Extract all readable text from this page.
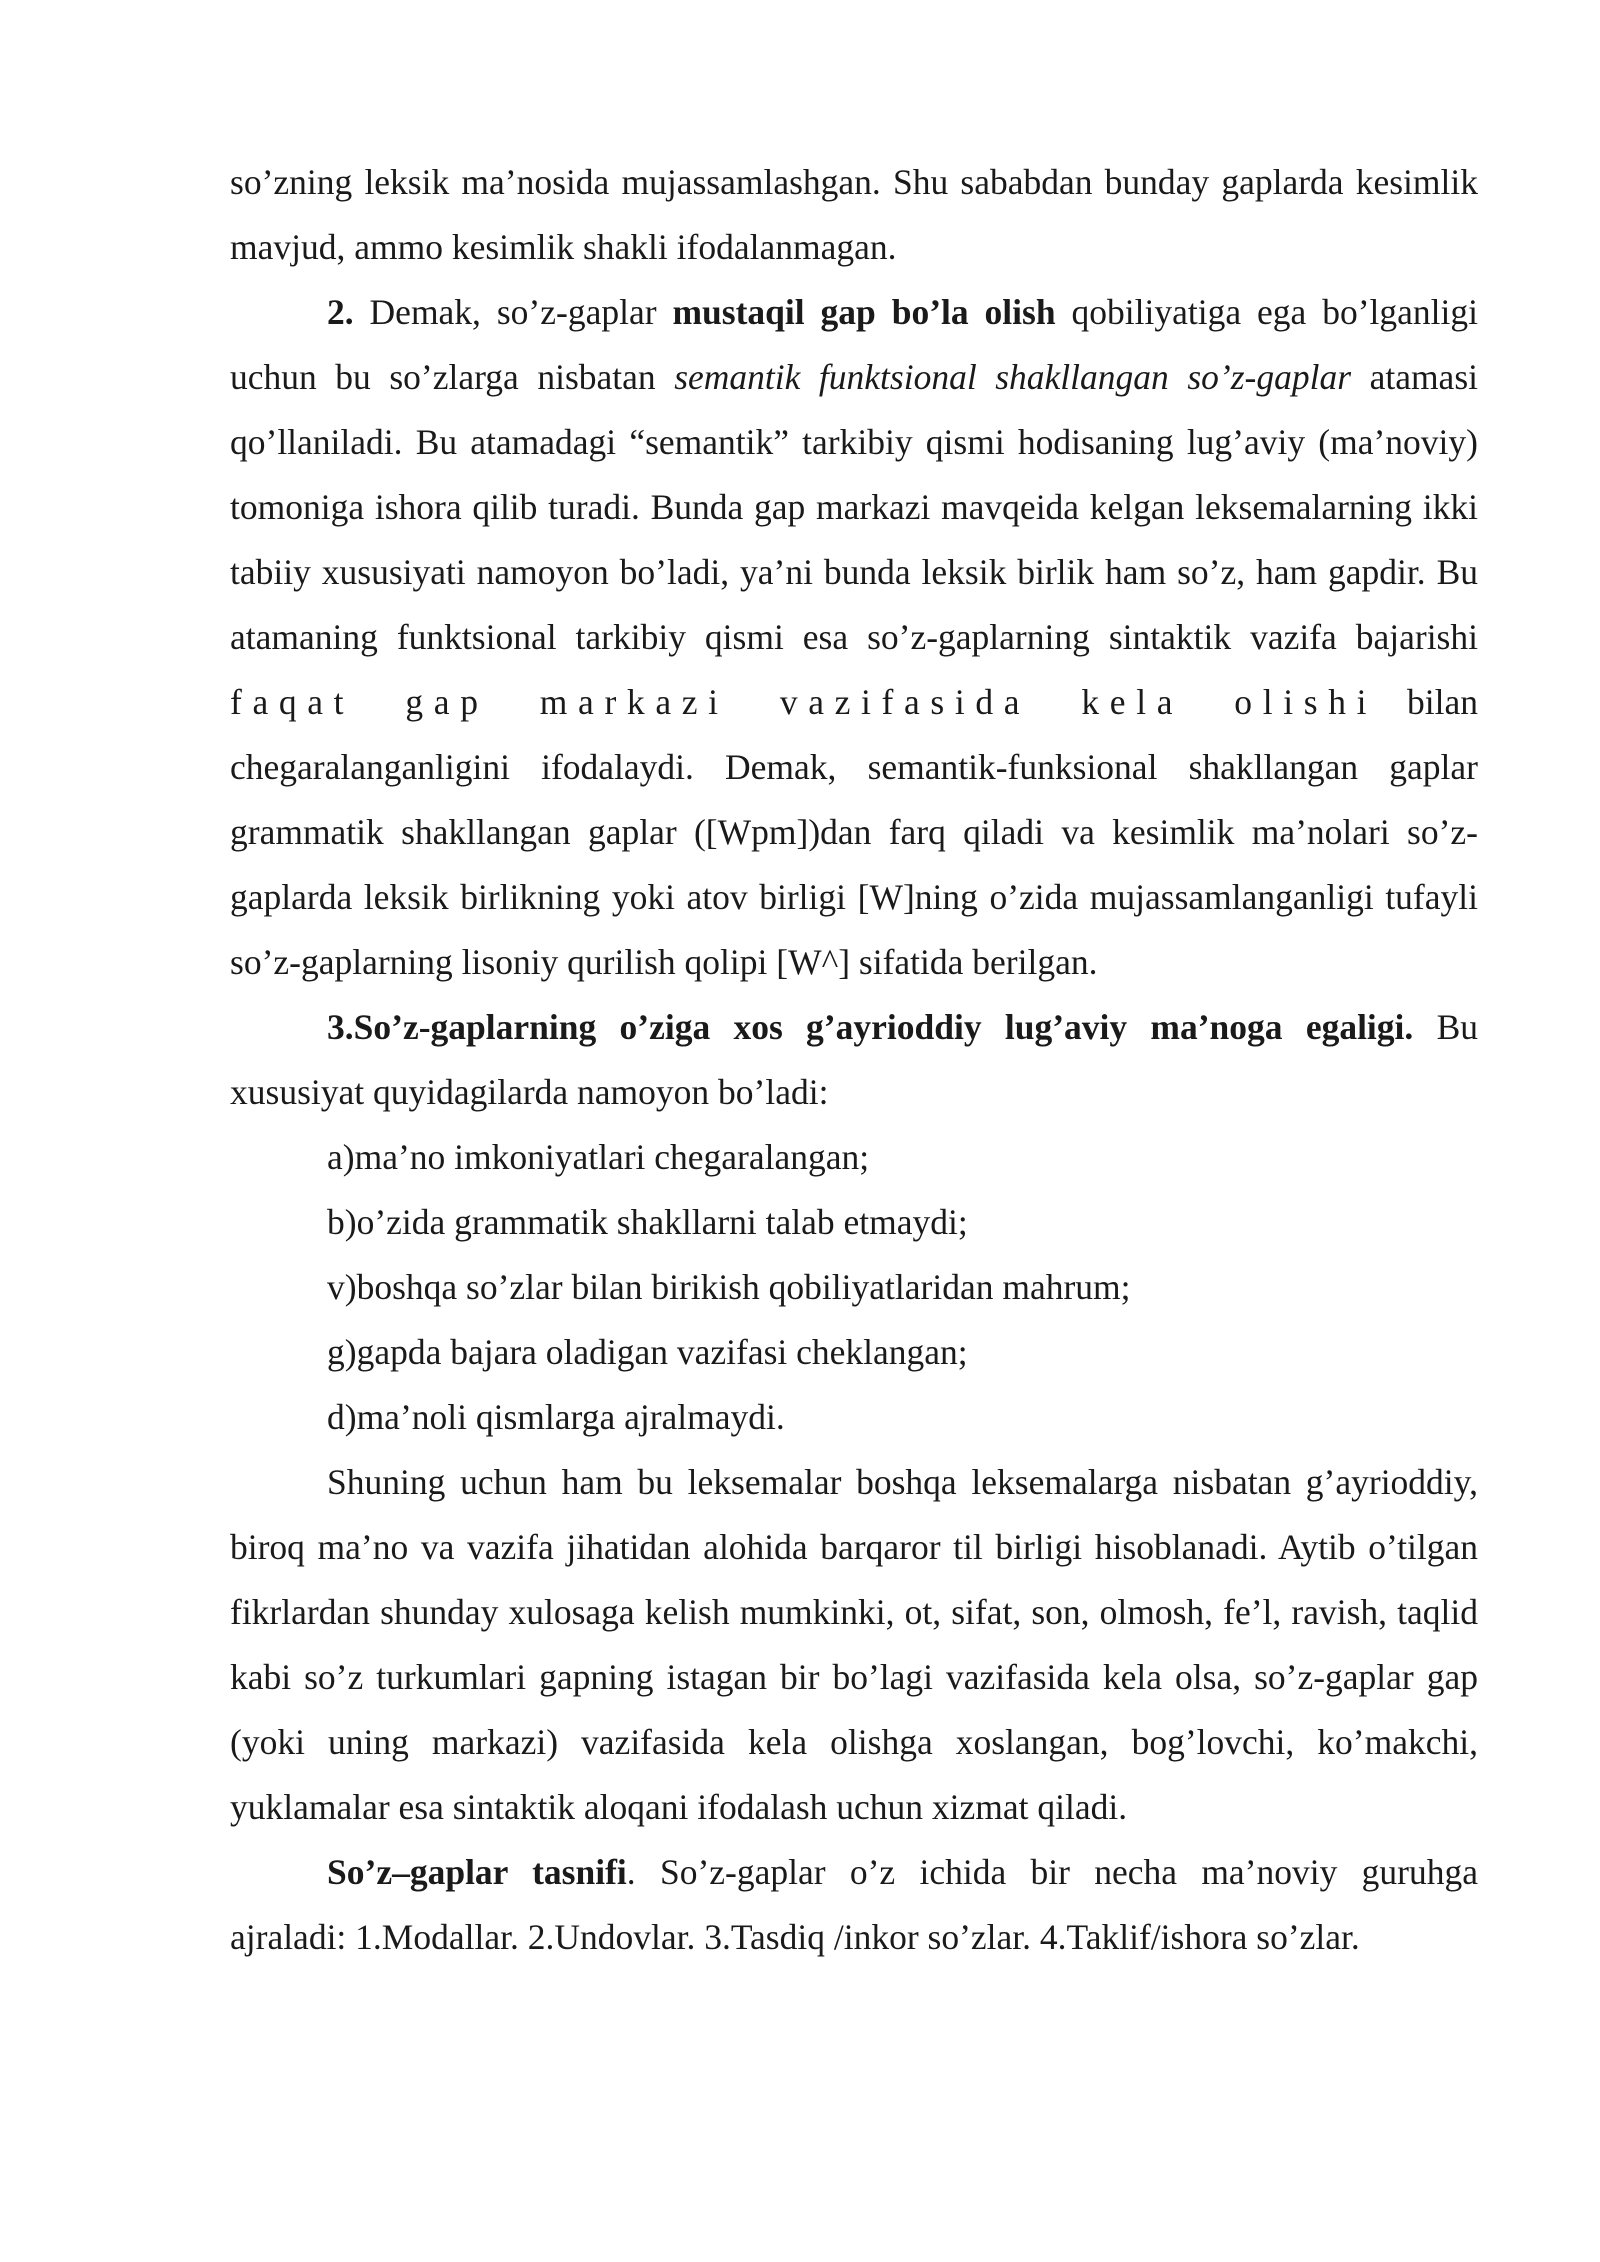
so’zning leksik ma’nosida mujassamlashgan. Shu sababdan bunday gaplarda kesimlik mavjud, ammo kesimlik shakli ifodalanmagan.

2. Demak, so’z-gaplar mustaqil gap bo’la olish qobiliyatiga ega bo’lganligi uchun bu so’zlarga nisbatan semantik funktsional shakllangan so’z-gaplar atamasi qo’llaniladi. Bu atamadagi “semantik” tarkibiy qismi hodisaning lug’aviy (ma’noviy) tomoniga ishora qilib turadi. Bunda gap markazi mavqeida kelgan leksemalarning ikki tabiiy xususiyati namoyon bo’ladi, ya’ni bunda leksik birlik ham so’z, ham gapdir. Bu atamaning funktsional tarkibiy qismi esa so’z-gaplarning sintaktik vazifa bajarishi faqat gap markazi vazifasida kela olishi bilan chegaralanganligini ifodalaydi. Demak, semantik-funksional shakllangan gaplar grammatik shakllangan gaplar ([Wpm])dan farq qiladi va kesimlik ma’nolari so’z-gaplarda leksik birlikning yoki atov birligi [W]ning o’zida mujassamlanganligi tufayli so’z-gaplarning lisoniy qurilish qolipi [W^] sifatida berilgan.

3.So’z-gaplarning o’ziga xos g’ayrioddiy lug’aviy ma’noga egaligi. Bu xususiyat quyidagilarda namoyon bo’ladi:

a)ma’no imkoniyatlari chegaralangan;

b)o’zida grammatik shakllarni talab etmaydi;

v)boshqa so’zlar bilan birikish qobiliyatlaridan mahrum;

g)gapda bajara oladigan vazifasi cheklangan;

d)ma’noli qismlarga ajralmaydi.

Shuning uchun ham bu leksemalar boshqa leksemalarga nisbatan g’ayrioddiy, biroq ma’no va vazifa jihatidan alohida barqaror til birligi hisoblanadi. Aytib o’tilgan fikrlardan shunday xulosaga kelish mumkinki, ot, sifat, son, olmosh, fe’l, ravish, taqlid kabi so’z turkumlari gapning istagan bir bo’lagi vazifasida kela olsa, so’z-gaplar gap (yoki uning markazi) vazifasida kela olishga xoslangan, bog’lovchi, ko’makchi, yuklamalar esa sintaktik aloqani ifodalash uchun xizmat qiladi.

So’z–gaplar tasnifi. So’z-gaplar o’z ichida bir necha ma’noviy guruhga ajraladi: 1.Modallar. 2.Undovlar. 3.Tasdiq /inkor so’zlar. 4.Taklif/ishora so’zlar.
